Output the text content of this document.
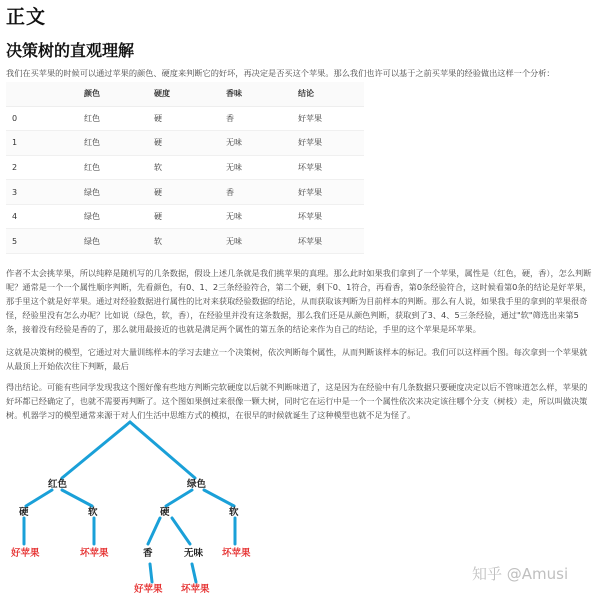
正文
决策树的直观理解

我们在买苹果的时候可以通过苹果的颜色、硬度来判断它的好坏，再决定是否买这个苹果。那么我们也许可以基于之前买苹果的经验做出这样一个分析：

	颜色	硬度	香味	结论
0	红色	硬	香	好苹果
1	红色	硬	无味	好苹果
2	红色	软	无味	坏苹果
3	绿色	硬	香	好苹果
4	绿色	硬	无味	坏苹果
5	绿色	软	无味	坏苹果

作者不太会挑苹果，所以纯粹是随机写的几条数据，假设上述几条就是我们挑苹果的真理。那么此时如果我们拿到了一个苹果，属性是（红色，硬，香），怎么判断呢？通常是一个一个属性顺序判断，先看颜色，有0、1、2三条经验符合，第二个硬，剩下0、1符合，再看香，第0条经验符合，这时候看第0条的结论是好苹果，那手里这个就是好苹果。通过对经验数据进行属性的比对来获取经验数据的结论，从而获取该判断为目前样本的判断。那么有人说，如果我手里的拿到的苹果很奇怪，经验里没有怎么办呢？比如说（绿色，软，香），在经验里并没有这条数据，那么我们还是从颜色判断，获取到了3、4、5三条经验，通过"软"筛选出来第5条，接着没有经验是香的了，那么就用最接近的也就是满足两个属性的第五条的结论来作为自己的结论，手里的这个苹果是坏苹果。

这就是决策树的模型，它通过对大量训练样本的学习去建立一个决策树，依次判断每个属性，从而判断该样本的标记。我们可以这样画个图。每次拿到一个苹果就从最顶上开始依次往下判断，最后

得出结论。可能有些同学发现我这个图好像有些地方判断完软硬度以后就不判断味道了，这是因为在经验中有几条数据只要硬度决定以后不管味道怎么样，苹果的好坏都已经确定了，也就不需要再判断了。这个图如果倒过来很像一颗大树，同时它在运行中是一个一个属性依次来决定该往哪个分支（树枝）走，所以叫做决策树。机器学习的模型通常来源于对人们生活中思维方式的模拟，在很早的时候就诞生了这种模型也就不足为怪了。

红色	绿色
硬	软	硬	软
香	无味
好苹果	坏苹果	坏苹果
好苹果 坏苹果
知乎 @Amusi
